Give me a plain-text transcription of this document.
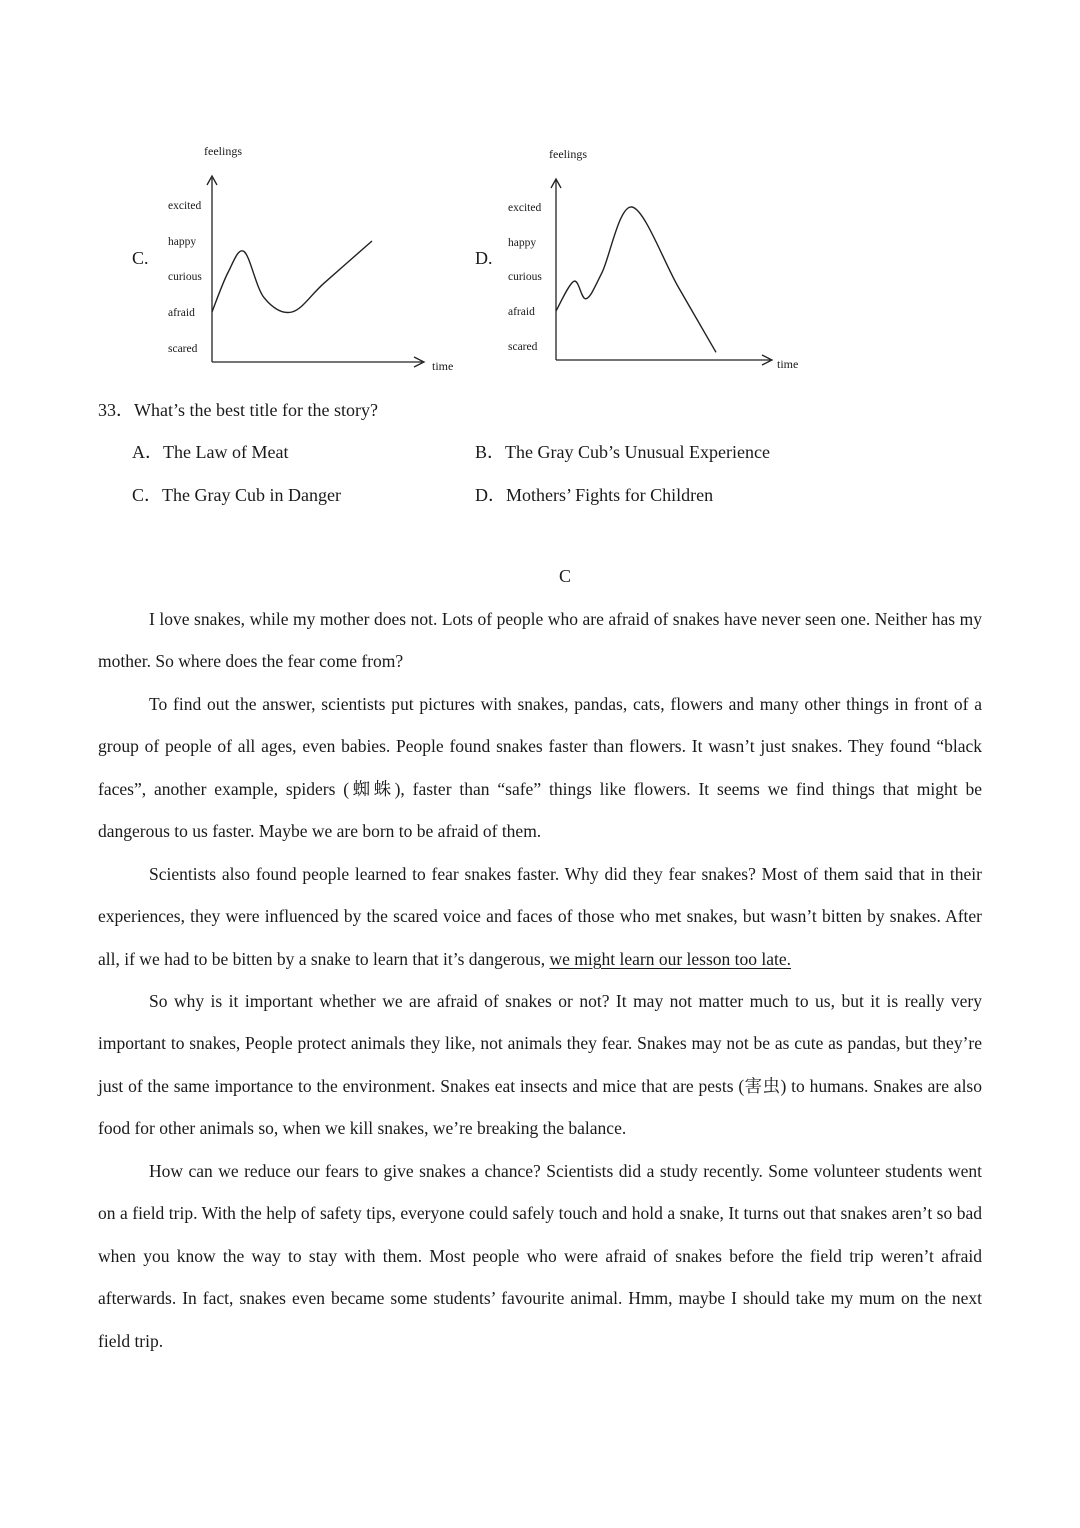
C.
feelings
time
excited
happy
curious
afraid
scared
D.
feelings
time
excited
happy
curious
afraid
scared
33．What’s the best title for the story?
A．The Law of Meat	B．The Gray Cub’s Unusual Experience
C．The Gray Cub in Danger	D．Mothers’ Fights for Children
C

I love snakes, while my mother does not. Lots of people who are afraid of snakes have never seen one. Neither has my mother. So where does the fear come from?

To find out the answer, scientists put pictures with snakes, pandas, cats, flowers and many other things in front of a group of people of all ages, even babies. People found snakes faster than flowers. It wasn’t just snakes. They found “black faces”, another example, spiders (蜘蛛), faster than “safe” things like flowers. It seems we find things that might be dangerous to us faster. Maybe we are born to be afraid of them.

Scientists also found people learned to fear snakes faster. Why did they fear snakes? Most of them said that in their experiences, they were influenced by the scared voice and faces of those who met snakes, but wasn’t bitten by snakes. After all, if we had to be bitten by a snake to learn that it’s dangerous, we might learn our lesson too late.

So why is it important whether we are afraid of snakes or not? It may not matter much to us, but it is really very important to snakes, People protect animals they like, not animals they fear. Snakes may not be as cute as pandas, but they’re just of the same importance to the environment. Snakes eat insects and mice that are pests (害虫) to humans. Snakes are also food for other animals so, when we kill snakes, we’re breaking the balance.

How can we reduce our fears to give snakes a chance? Scientists did a study recently. Some volunteer students went on a field trip. With the help of safety tips, everyone could safely touch and hold a snake, It turns out that snakes aren’t so bad when you know the way to stay with them. Most people who were afraid of snakes before the field trip weren’t afraid afterwards. In fact, snakes even became some students’ favourite animal. Hmm, maybe I should take my mum on the next field trip.
